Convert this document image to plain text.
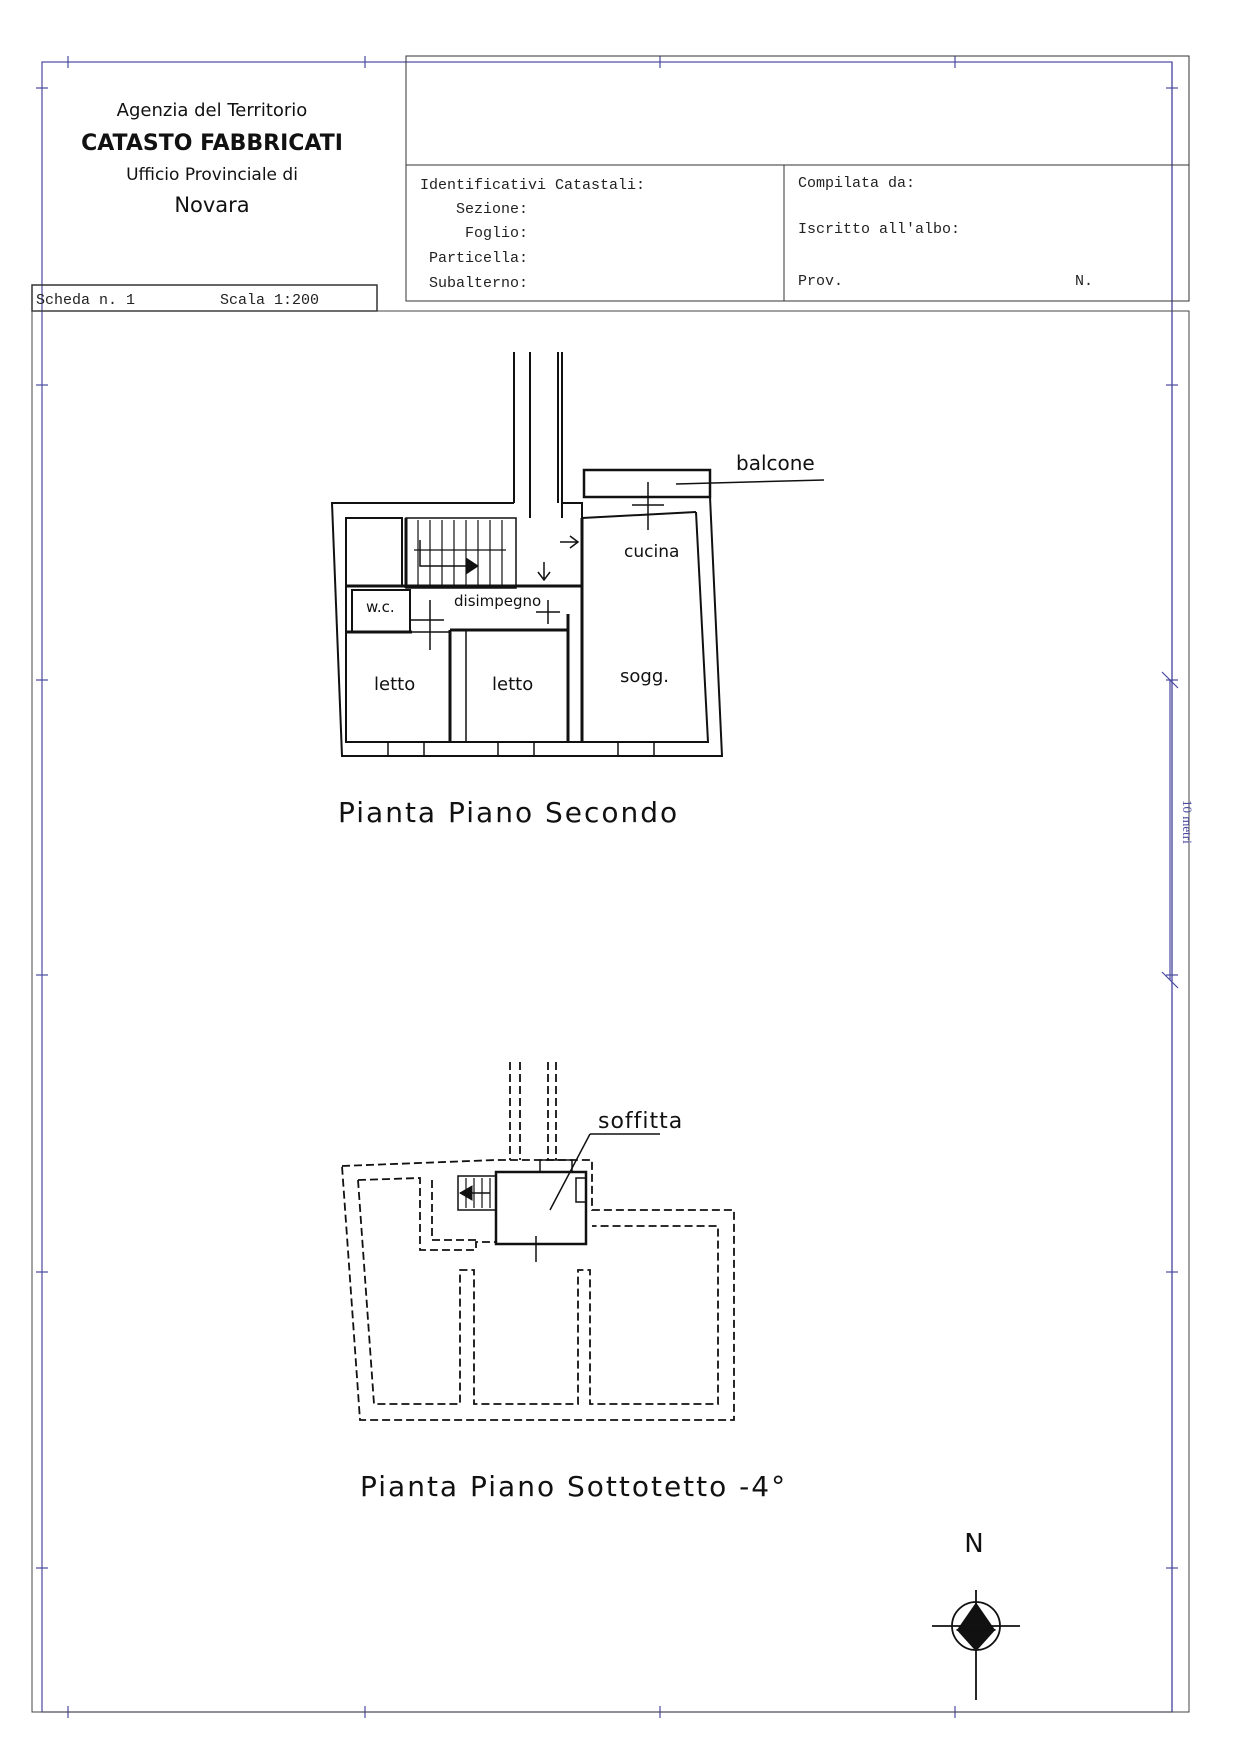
Agenzia del Territorio
CATASTO FABBRICATI
Ufficio Provinciale di
Novara
Identificativi Catastali:
Sezione:
Foglio:
Particella:
Subalterno:
Compilata da:
Iscritto all'albo:
Prov.	N.
Scheda n. 1	Scala 1:200
10 metri
balcone
cucina
w.c.	disimpegno
letto	letto	sogg.
Pianta Piano Secondo
soffitta
Pianta Piano Sottotetto -4°
N
